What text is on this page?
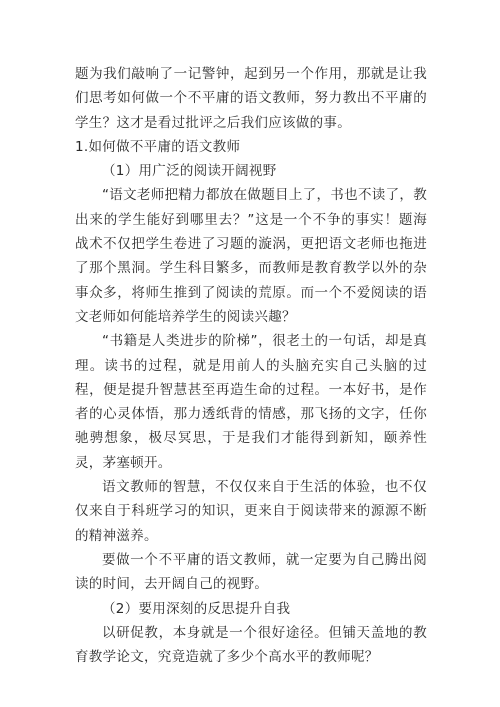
题为我们敲响了一记警钟，起到另一个作用，那就是让我们思考如何做一个不平庸的语文教师，努力教出不平庸的学生？这才是看过批评之后我们应该做的事。

1.如何做不平庸的语文教师

（1）用广泛的阅读开阔视野

“语文老师把精力都放在做题目上了，书也不读了，教出来的学生能好到哪里去？”这是一个不争的事实！题海战术不仅把学生卷进了习题的漩涡，更把语文老师也拖进了那个黑洞。学生科目繁多，而教师是教育教学以外的杂事众多，将师生推到了阅读的荒原。而一个不爱阅读的语文老师如何能培养学生的阅读兴趣？

“书籍是人类进步的阶梯”，很老土的一句话，却是真理。读书的过程，就是用前人的头脑充实自己头脑的过程，便是提升智慧甚至再造生命的过程。一本好书，是作者的心灵体悟，那力透纸背的情感，那飞扬的文字，任你驰骋想象，极尽冥思，于是我们才能得到新知，颐养性灵，茅塞顿开。

语文教师的智慧，不仅仅来自于生活的体验，也不仅仅来自于科班学习的知识，更来自于阅读带来的源源不断的精神滋养。

要做一个不平庸的语文教师，就一定要为自己腾出阅读的时间，去开阔自己的视野。

（2）要用深刻的反思提升自我

以研促教，本身就是一个很好途径。但铺天盖地的教育教学论文，究竟造就了多少个高水平的教师呢？
